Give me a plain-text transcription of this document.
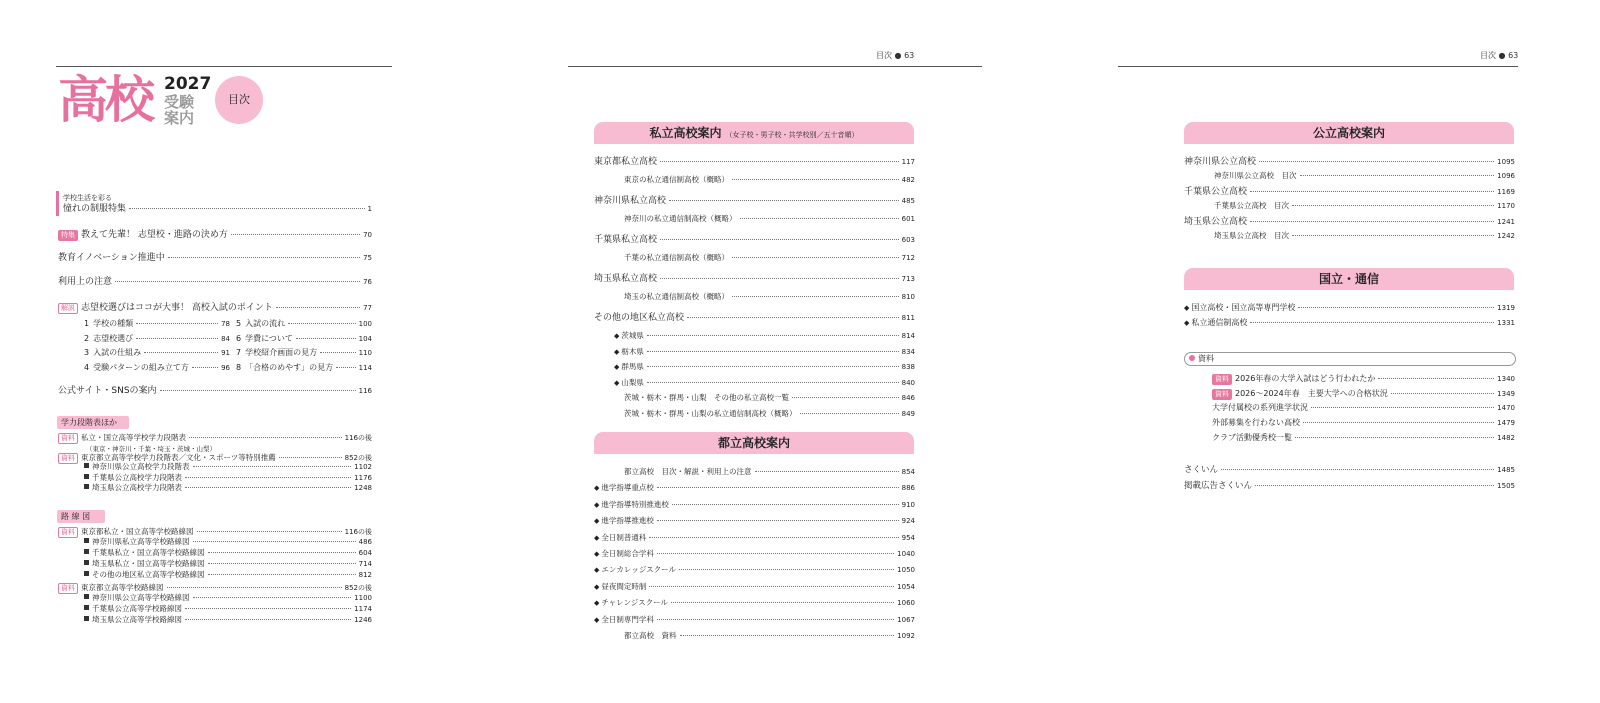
高校 2027
受験
案内
目次
学校生活を彩る
憧れの制服特集	1
特集 教えて先輩！ 志望校・進路の決め方	70
教育イノベーション推進中	75
利用上の注意	76
解説 志望校選びはココが大事！ 高校入試のポイント	77
1 学校の種類	78
2 志望校選び	84
3 入試の仕組み	91
4 受験パターンの組み立て方	96
5 入試の流れ	100
6 学費について	104
7 学校紹介画面の見方	110
8 「合格のめやす」の見方	114
公式サイト・SNSの案内	116
学力段階表ほか
資料 私立・国立高等学校学力段階表	116の後
（東京・神奈川・千葉・埼玉・茨城・山梨）
資料 東京都立高等学校学力段階表／文化・スポーツ等特別推薦	852の後
神奈川県公立高校学力段階表	1102
千葉県公立高校学力段階表	1176
埼玉県公立高校学力段階表	1248
路 線 図
資料 東京都私立・国立高等学校路線図	116の後
神奈川県私立高等学校路線図	486
千葉県私立・国立高等学校路線図	604
埼玉県私立・国立高等学校路線図	714
その他の地区私立高等学校路線図	812
資料 東京都立高等学校路線図	852の後
神奈川県公立高等学校路線図	1100
千葉県公立高等学校路線図	1174
埼玉県公立高等学校路線図	1246
目次 ● 63
私立高校案内 （女子校・男子校・共学校別／五十音順）
東京都私立高校	117
東京の私立通信制高校（概略）	482
神奈川県私立高校	485
神奈川の私立通信制高校（概略）	601
千葉県私立高校	603
千葉の私立通信制高校（概略）	712
埼玉県私立高校	713
埼玉の私立通信制高校（概略）	810
その他の地区私立高校	811
◆ 茨城県	814
◆ 栃木県	834
◆ 群馬県	838
◆ 山梨県	840
茨城・栃木・群馬・山梨　その他の私立高校一覧	846
茨城・栃木・群馬・山梨の私立通信制高校（概略）	849
都立高校案内
都立高校　目次・解説・利用上の注意	854
◆ 進学指導重点校	886
◆ 進学指導特別推進校	910
◆ 進学指導推進校	924
◆ 全日制普通科	954
◆ 全日制総合学科	1040
◆ エンカレッジスクール	1050
◆ 昼夜間定時制	1054
◆ チャレンジスクール	1060
◆ 全日制専門学科	1067
都立高校　資料	1092
目次 ● 63
公立高校案内
神奈川県公立高校	1095
神奈川県公立高校　目次	1096
千葉県公立高校	1169
千葉県公立高校　目次	1170
埼玉県公立高校	1241
埼玉県公立高校　目次	1242
国立・通信
◆ 国立高校・国立高等専門学校	1319
◆ 私立通信制高校	1331
資料
資料 2026年春の大学入試はどう行われたか	1340
資料 2026～2024年春　主要大学への合格状況	1349
大学付属校の系列進学状況	1470
外部募集を行わない高校	1479
クラブ活動優秀校一覧	1482
さくいん	1485
掲載広告さくいん	1505
